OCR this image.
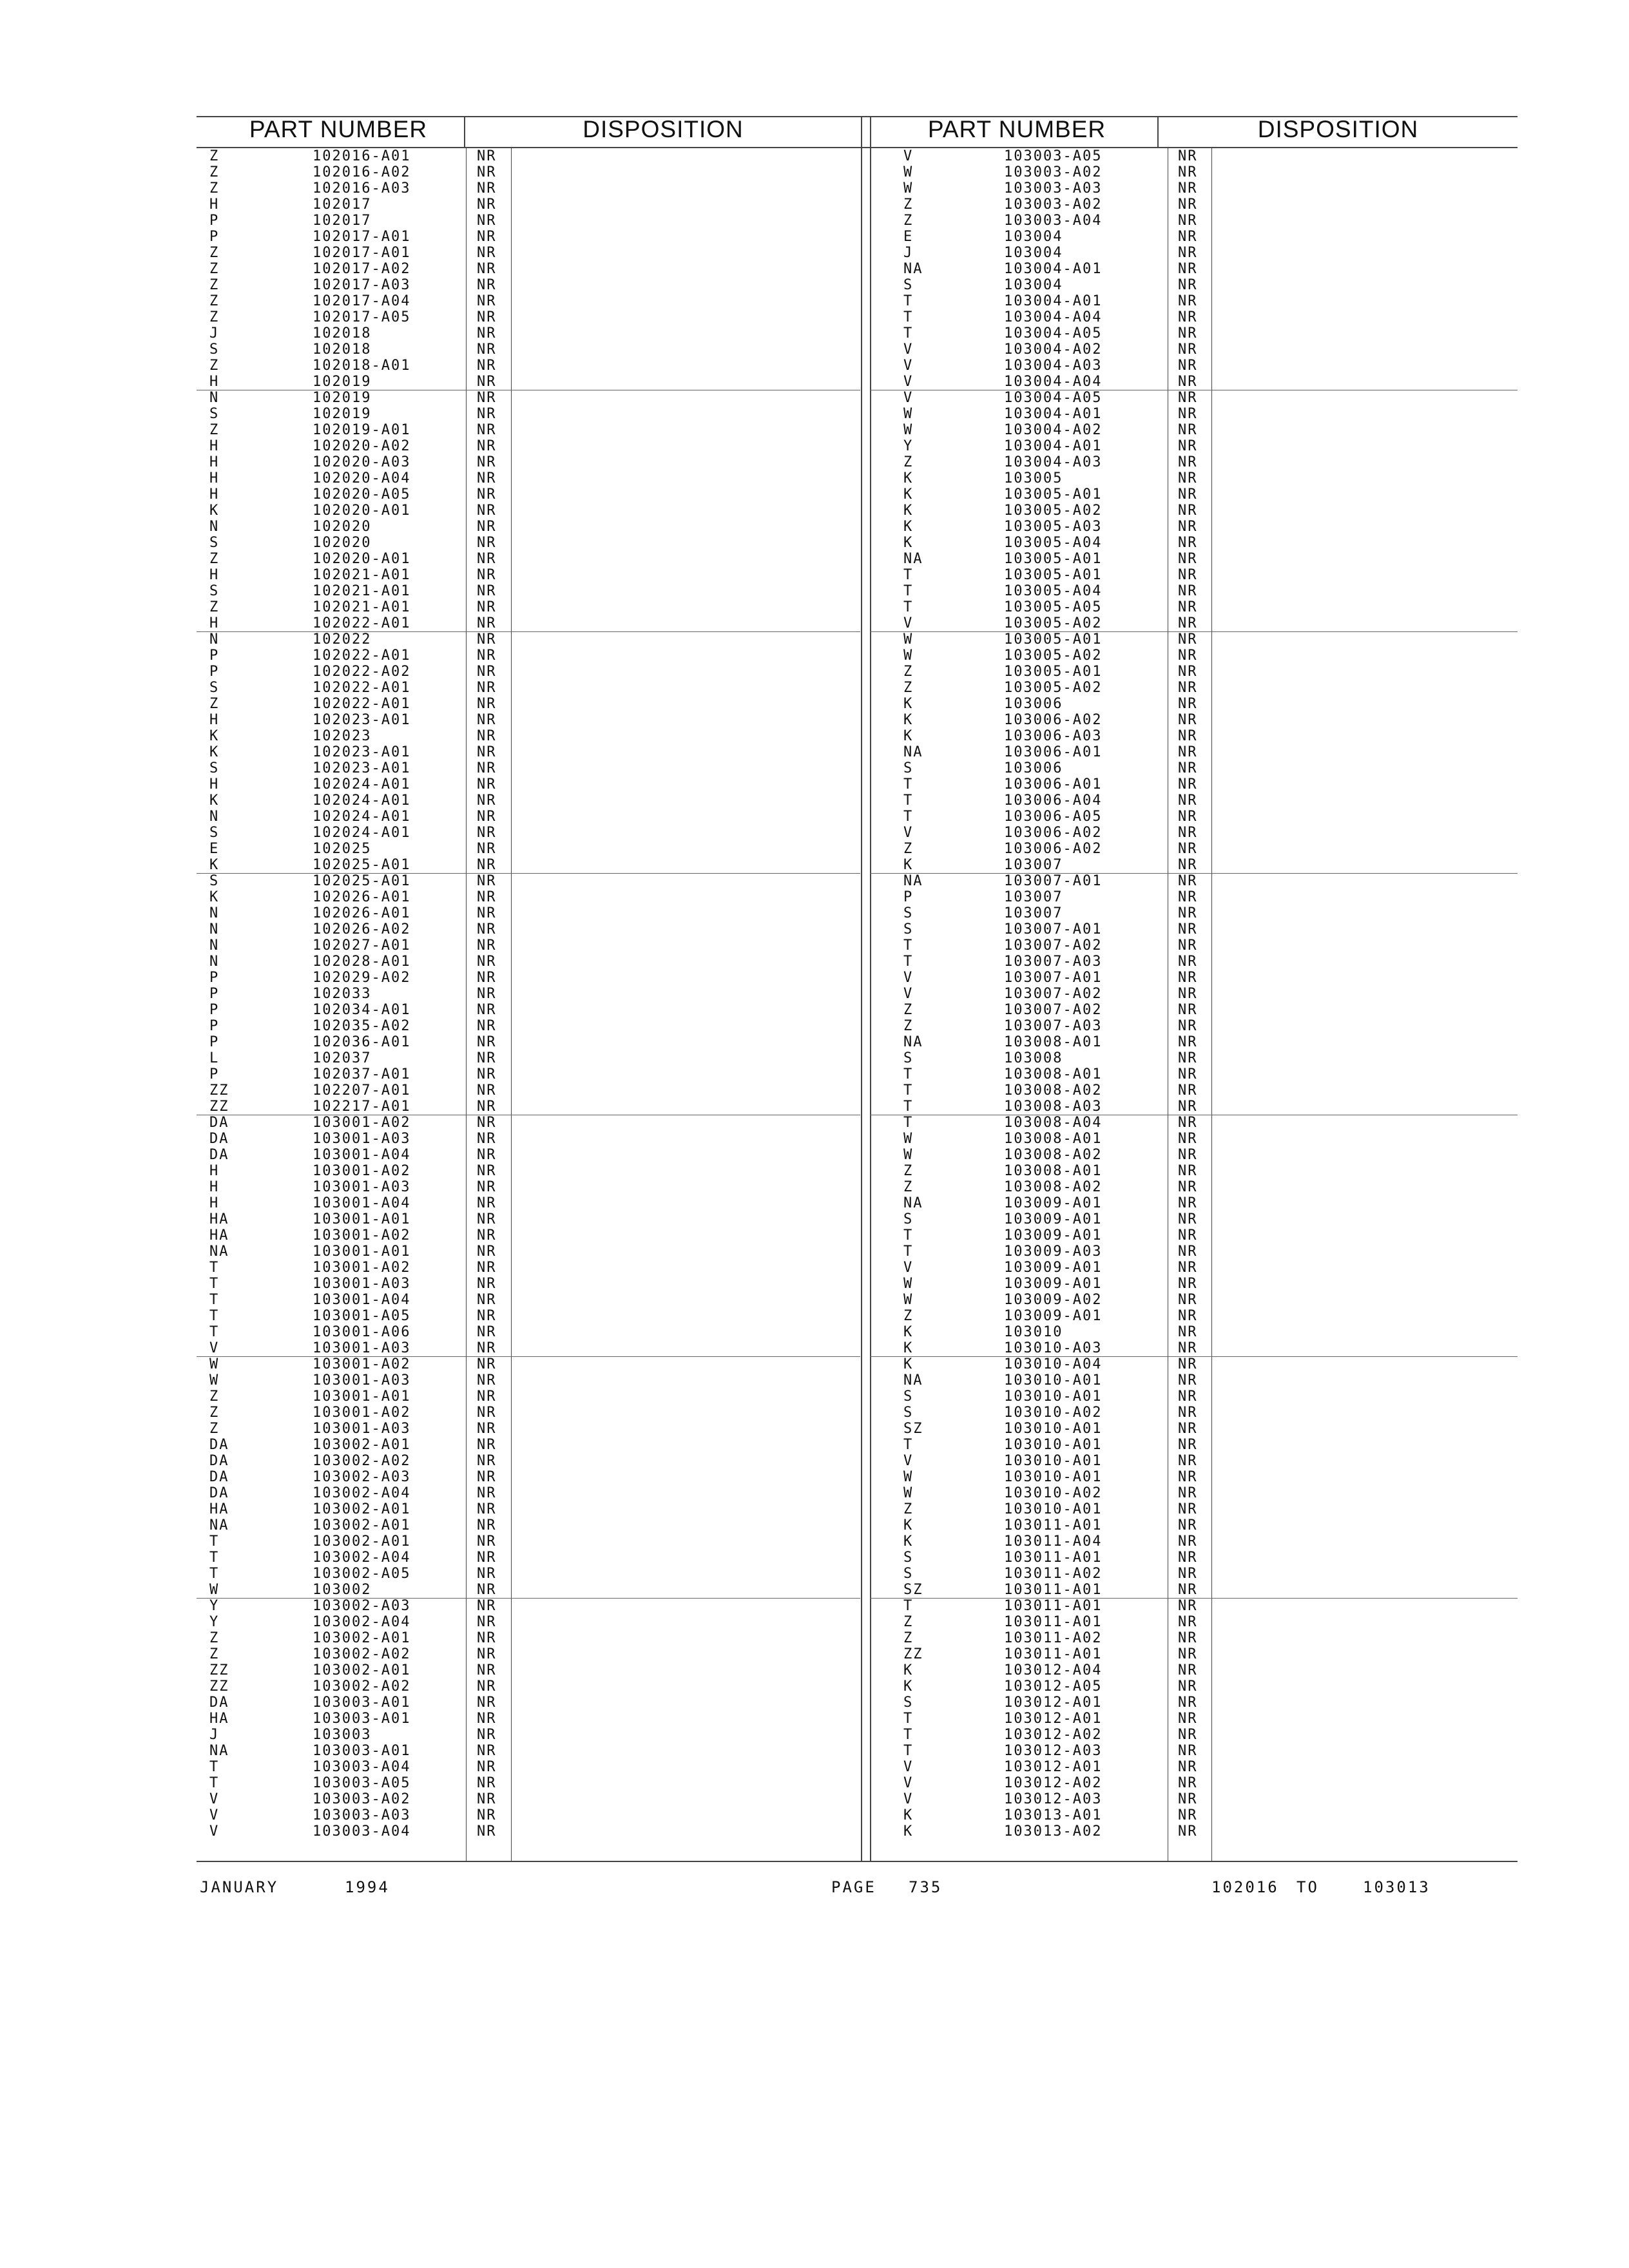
PART NUMBER	DISPOSITION	PART NUMBER	DISPOSITION
Z	102016-A01	NR
Z	102016-A02	NR
Z	102016-A03	NR
H	102017	NR
P	102017	NR
P	102017-A01	NR
Z	102017-A01	NR
Z	102017-A02	NR
Z	102017-A03	NR
Z	102017-A04	NR
Z	102017-A05	NR
J	102018	NR
S	102018	NR
Z	102018-A01	NR
H	102019	NR
N	102019	NR
S	102019	NR
Z	102019-A01	NR
H	102020-A02	NR
H	102020-A03	NR
H	102020-A04	NR
H	102020-A05	NR
K	102020-A01	NR
N	102020	NR
S	102020	NR
Z	102020-A01	NR
H	102021-A01	NR
S	102021-A01	NR
Z	102021-A01	NR
H	102022-A01	NR
N	102022	NR
P	102022-A01	NR
P	102022-A02	NR
S	102022-A01	NR
Z	102022-A01	NR
H	102023-A01	NR
K	102023	NR
K	102023-A01	NR
S	102023-A01	NR
H	102024-A01	NR
K	102024-A01	NR
N	102024-A01	NR
S	102024-A01	NR
E	102025	NR
K	102025-A01	NR
S	102025-A01	NR
K	102026-A01	NR
N	102026-A01	NR
N	102026-A02	NR
N	102027-A01	NR
N	102028-A01	NR
P	102029-A02	NR
P	102033	NR
P	102034-A01	NR
P	102035-A02	NR
P	102036-A01	NR
L	102037	NR
P	102037-A01	NR
ZZ	102207-A01	NR
ZZ	102217-A01	NR
DA	103001-A02	NR
DA	103001-A03	NR
DA	103001-A04	NR
H	103001-A02	NR
H	103001-A03	NR
H	103001-A04	NR
HA	103001-A01	NR
HA	103001-A02	NR
NA	103001-A01	NR
T	103001-A02	NR
T	103001-A03	NR
T	103001-A04	NR
T	103001-A05	NR
T	103001-A06	NR
V	103001-A03	NR
W	103001-A02	NR
W	103001-A03	NR
Z	103001-A01	NR
Z	103001-A02	NR
Z	103001-A03	NR
DA	103002-A01	NR
DA	103002-A02	NR
DA	103002-A03	NR
DA	103002-A04	NR
HA	103002-A01	NR
NA	103002-A01	NR
T	103002-A01	NR
T	103002-A04	NR
T	103002-A05	NR
W	103002	NR
Y	103002-A03	NR
Y	103002-A04	NR
Z	103002-A01	NR
Z	103002-A02	NR
ZZ	103002-A01	NR
ZZ	103002-A02	NR
DA	103003-A01	NR
HA	103003-A01	NR
J	103003	NR
NA	103003-A01	NR
T	103003-A04	NR
T	103003-A05	NR
V	103003-A02	NR
V	103003-A03	NR
V	103003-A04	NR
V	103003-A05	NR
W	103003-A02	NR
W	103003-A03	NR
Z	103003-A02	NR
Z	103003-A04	NR
E	103004	NR
J	103004	NR
NA	103004-A01	NR
S	103004	NR
T	103004-A01	NR
T	103004-A04	NR
T	103004-A05	NR
V	103004-A02	NR
V	103004-A03	NR
V	103004-A04	NR
V	103004-A05	NR
W	103004-A01	NR
W	103004-A02	NR
Y	103004-A01	NR
Z	103004-A03	NR
K	103005	NR
K	103005-A01	NR
K	103005-A02	NR
K	103005-A03	NR
K	103005-A04	NR
NA	103005-A01	NR
T	103005-A01	NR
T	103005-A04	NR
T	103005-A05	NR
V	103005-A02	NR
W	103005-A01	NR
W	103005-A02	NR
Z	103005-A01	NR
Z	103005-A02	NR
K	103006	NR
K	103006-A02	NR
K	103006-A03	NR
NA	103006-A01	NR
S	103006	NR
T	103006-A01	NR
T	103006-A04	NR
T	103006-A05	NR
V	103006-A02	NR
Z	103006-A02	NR
K	103007	NR
NA	103007-A01	NR
P	103007	NR
S	103007	NR
S	103007-A01	NR
T	103007-A02	NR
T	103007-A03	NR
V	103007-A01	NR
V	103007-A02	NR
Z	103007-A02	NR
Z	103007-A03	NR
NA	103008-A01	NR
S	103008	NR
T	103008-A01	NR
T	103008-A02	NR
T	103008-A03	NR
T	103008-A04	NR
W	103008-A01	NR
W	103008-A02	NR
Z	103008-A01	NR
Z	103008-A02	NR
NA	103009-A01	NR
S	103009-A01	NR
T	103009-A01	NR
T	103009-A03	NR
V	103009-A01	NR
W	103009-A01	NR
W	103009-A02	NR
Z	103009-A01	NR
K	103010	NR
K	103010-A03	NR
K	103010-A04	NR
NA	103010-A01	NR
S	103010-A01	NR
S	103010-A02	NR
SZ	103010-A01	NR
T	103010-A01	NR
V	103010-A01	NR
W	103010-A01	NR
W	103010-A02	NR
Z	103010-A01	NR
K	103011-A01	NR
K	103011-A04	NR
S	103011-A01	NR
S	103011-A02	NR
SZ	103011-A01	NR
T	103011-A01	NR
Z	103011-A01	NR
Z	103011-A02	NR
ZZ	103011-A01	NR
K	103012-A04	NR
K	103012-A05	NR
S	103012-A01	NR
T	103012-A01	NR
T	103012-A02	NR
T	103012-A03	NR
V	103012-A01	NR
V	103012-A02	NR
V	103012-A03	NR
K	103013-A01	NR
K	103013-A02	NR
JANUARY	1994	PAGE 735	102016 TO	103013
